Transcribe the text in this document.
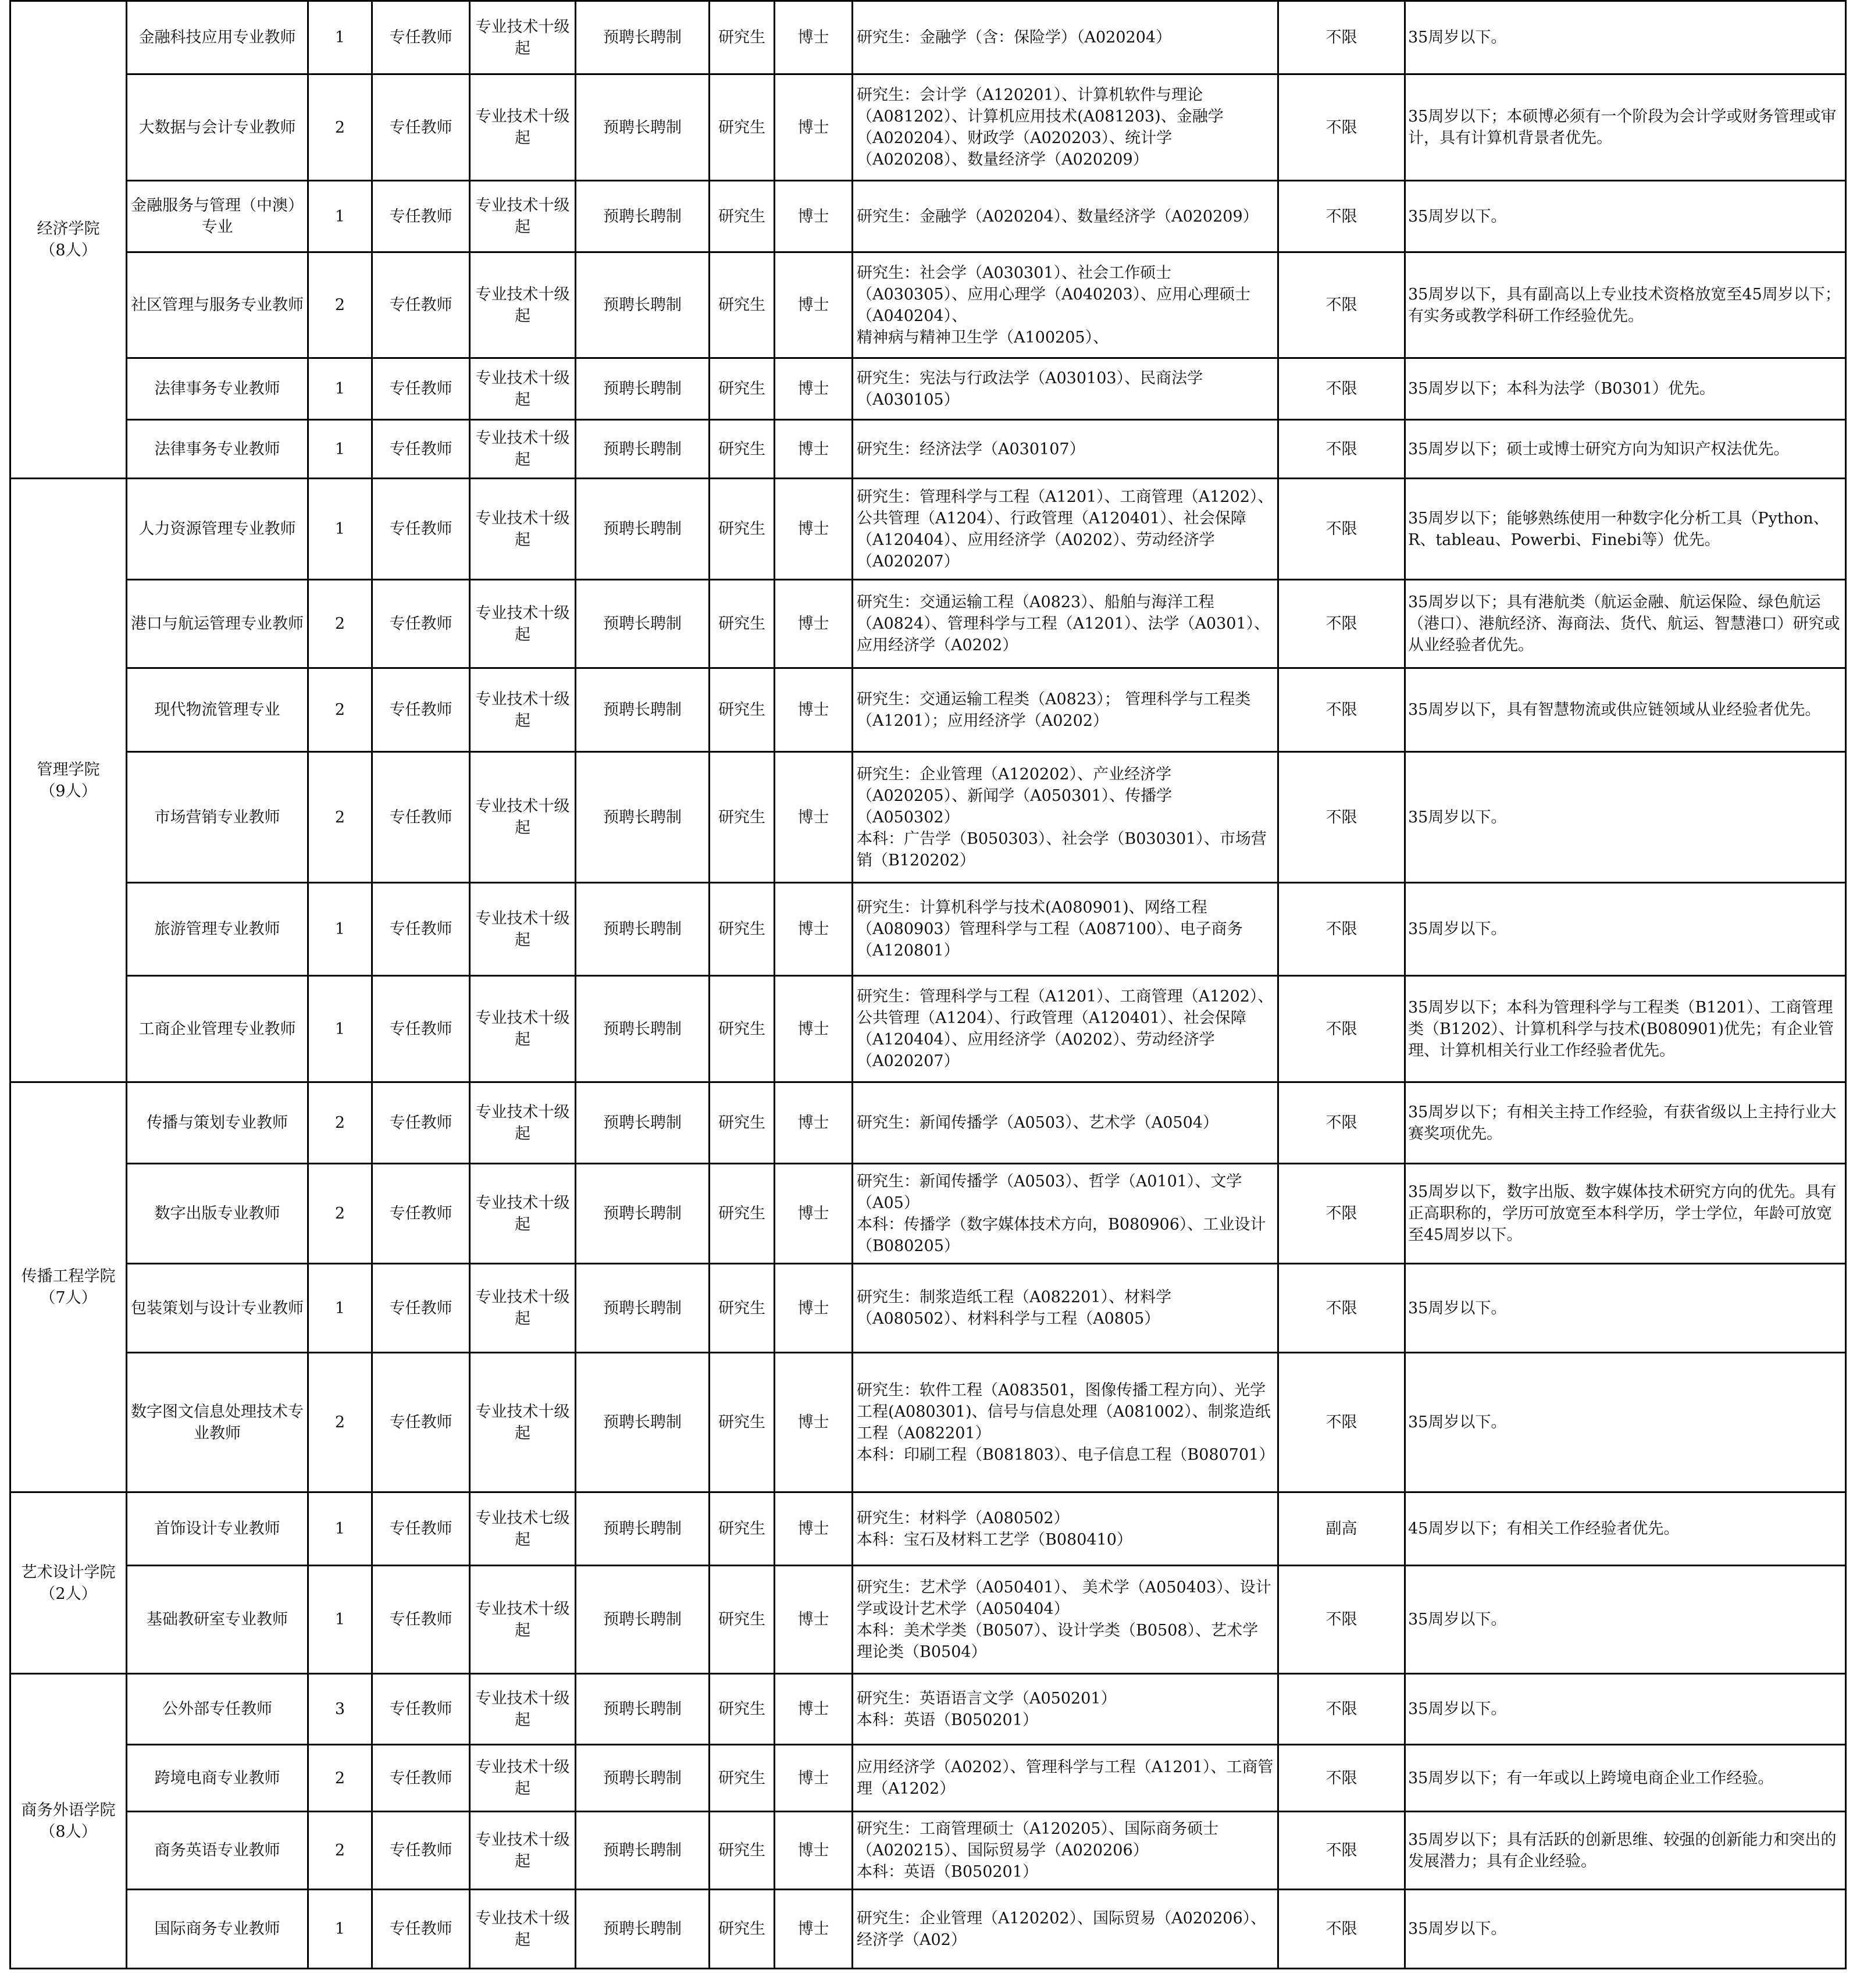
经济学院
（8人）	金融科技应用专业教师	1	专任教师	专业技术十级起	预聘长聘制	研究生	博士	研究生：金融学（含：保险学）（A020204）	不限	35周岁以下。
	大数据与会计专业教师	2	专任教师	专业技术十级起	预聘长聘制	研究生	博士	研究生：会计学（A120201）、计算机软件与理论（A081202）、计算机应用技术(A081203)、金融学（A020204）、财政学（A020203）、统计学（A020208）、数量经济学（A020209）	不限	35周岁以下；本硕博必须有一个阶段为会计学或财务管理或审计，具有计算机背景者优先。
	金融服务与管理（中澳）专业	1	专任教师	专业技术十级起	预聘长聘制	研究生	博士	研究生：金融学（A020204）、数量经济学（A020209）	不限	35周岁以下。
	社区管理与服务专业教师	2	专任教师	专业技术十级起	预聘长聘制	研究生	博士	研究生：社会学（A030301）、社会工作硕士（A030305）、应用心理学（A040203）、应用心理硕士（A040204）、
精神病与精神卫生学（A100205）、	不限	35周岁以下，具有副高以上专业技术资格放宽至45周岁以下；有实务或教学科研工作经验优先。
	法律事务专业教师	1	专任教师	专业技术十级起	预聘长聘制	研究生	博士	研究生：宪法与行政法学（A030103）、民商法学（A030105）	不限	35周岁以下；本科为法学（B0301）优先。
	法律事务专业教师	1	专任教师	专业技术十级起	预聘长聘制	研究生	博士	研究生：经济法学（A030107）	不限	35周岁以下；硕士或博士研究方向为知识产权法优先。
管理学院
（9人）	人力资源管理专业教师	1	专任教师	专业技术十级起	预聘长聘制	研究生	博士	研究生：管理科学与工程（A1201）、工商管理（A1202）、公共管理（A1204）、行政管理（A120401）、社会保障（A120404）、应用经济学（A0202）、劳动经济学（A020207）	不限	35周岁以下；能够熟练使用一种数字化分析工具（Python、R、tableau、Powerbi、Finebi等）优先。
	港口与航运管理专业教师	2	专任教师	专业技术十级起	预聘长聘制	研究生	博士	研究生：交通运输工程（A0823）、船舶与海洋工程（A0824）、管理科学与工程（A1201）、法学（A0301）、应用经济学（A0202）	不限	35周岁以下；具有港航类（航运金融、航运保险、绿色航运（港口）、港航经济、海商法、货代、航运、智慧港口）研究或从业经验者优先。
	现代物流管理专业	2	专任教师	专业技术十级起	预聘长聘制	研究生	博士	研究生：交通运输工程类（A0823）； 管理科学与工程类（A1201）；应用经济学（A0202）	不限	35周岁以下，具有智慧物流或供应链领域从业经验者优先。
	市场营销专业教师	2	专任教师	专业技术十级起	预聘长聘制	研究生	博士	研究生：企业管理（A120202）、产业经济学（A020205）、新闻学（A050301）、传播学（A050302）
本科：广告学（B050303）、社会学（B030301）、市场营销（B120202）	不限	35周岁以下。
	旅游管理专业教师	1	专任教师	专业技术十级起	预聘长聘制	研究生	博士	研究生：计算机科学与技术(A080901)、网络工程（A080903）管理科学与工程（A087100）、电子商务（A120801）	不限	35周岁以下。
	工商企业管理专业教师	1	专任教师	专业技术十级起	预聘长聘制	研究生	博士	研究生：管理科学与工程（A1201）、工商管理（A1202）、公共管理（A1204）、行政管理（A120401）、社会保障（A120404）、应用经济学（A0202）、劳动经济学（A020207）	不限	35周岁以下；本科为管理科学与工程类（B1201）、工商管理类（B1202）、计算机科学与技术(B080901)优先；有企业管理、计算机相关行业工作经验者优先。
传播工程学院
（7人）	传播与策划专业教师	2	专任教师	专业技术十级起	预聘长聘制	研究生	博士	研究生：新闻传播学（A0503）、艺术学（A0504）	不限	35周岁以下；有相关主持工作经验，有获省级以上主持行业大赛奖项优先。
	数字出版专业教师	2	专任教师	专业技术十级起	预聘长聘制	研究生	博士	研究生：新闻传播学（A0503）、哲学（A0101）、文学（A05）
本科：传播学（数字媒体技术方向，B080906）、工业设计（B080205）	不限	35周岁以下，数字出版、数字媒体技术研究方向的优先。具有正高职称的，学历可放宽至本科学历，学士学位，年龄可放宽至45周岁以下。
	包装策划与设计专业教师	1	专任教师	专业技术十级起	预聘长聘制	研究生	博士	研究生：制浆造纸工程（A082201）、材料学（A080502）、材料科学与工程（A0805）	不限	35周岁以下。
	数字图文信息处理技术专业教师	2	专任教师	专业技术十级起	预聘长聘制	研究生	博士	研究生：软件工程（A083501，图像传播工程方向）、光学工程(A080301)、信号与信息处理（A081002）、制浆造纸工程（A082201）
本科：印刷工程（B081803）、电子信息工程（B080701）	不限	35周岁以下。
艺术设计学院
（2人）	首饰设计专业教师	1	专任教师	专业技术七级起	预聘长聘制	研究生	博士	研究生：材料学（A080502）
本科：宝石及材料工艺学（B080410）	副高	45周岁以下；有相关工作经验者优先。
	基础教研室专业教师	1	专任教师	专业技术十级起	预聘长聘制	研究生	博士	研究生：艺术学（A050401）、 美术学（A050403）、设计学或设计艺术学（A050404）
本科：美术学类（B0507）、设计学类（B0508）、艺术学理论类（B0504）	不限	35周岁以下。
商务外语学院
（8人）	公外部专任教师	3	专任教师	专业技术十级起	预聘长聘制	研究生	博士	研究生：英语语言文学（A050201）
本科：英语（B050201）	不限	35周岁以下。
	跨境电商专业教师	2	专任教师	专业技术十级起	预聘长聘制	研究生	博士	应用经济学（A0202）、管理科学与工程（A1201）、工商管理（A1202）	不限	35周岁以下；有一年或以上跨境电商企业工作经验。
	商务英语专业教师	2	专任教师	专业技术十级起	预聘长聘制	研究生	博士	研究生：工商管理硕士（A120205）、国际商务硕士（A020215）、国际贸易学（A020206）
本科：英语（B050201）	不限	35周岁以下；具有活跃的创新思维、较强的创新能力和突出的发展潜力；具有企业经验。
	国际商务专业教师	1	专任教师	专业技术十级起	预聘长聘制	研究生	博士	研究生：企业管理（A120202）、国际贸易（A020206）、经济学（A02）	不限	35周岁以下。
